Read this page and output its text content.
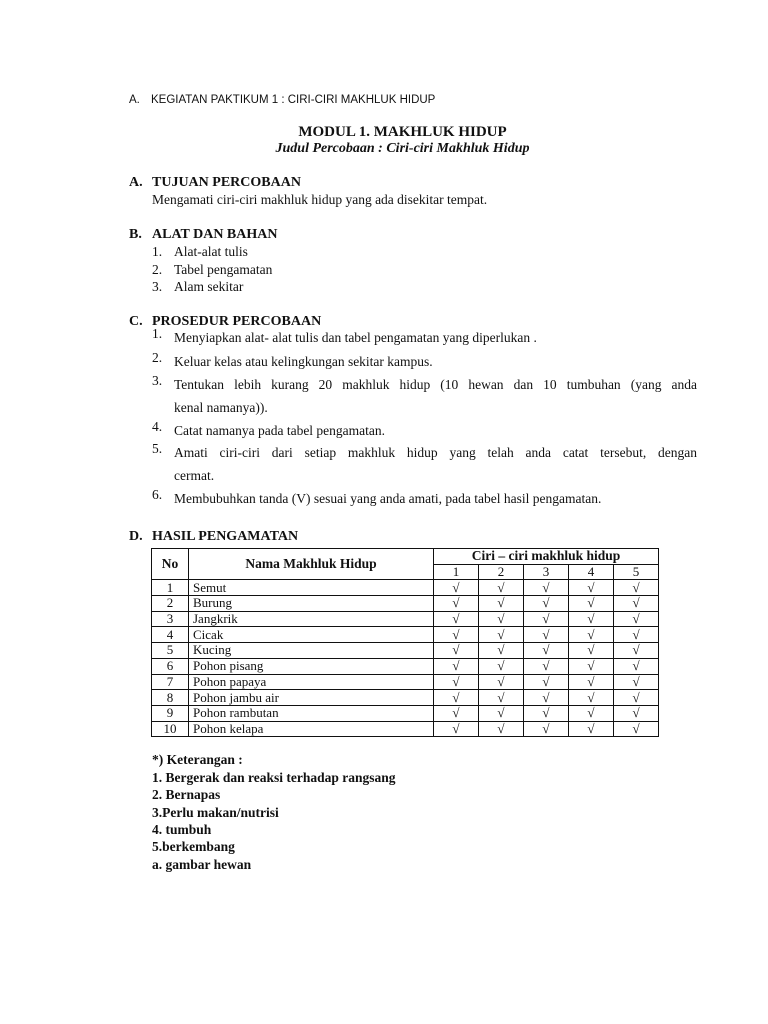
A. KEGIATAN PAKTIKUM 1 : CIRI-CIRI MAKHLUK HIDUP
MODUL 1. MAKHLUK HIDUP
Judul Percobaan : Ciri-ciri Makhluk Hidup
A. TUJUAN PERCOBAAN
Mengamati ciri-ciri makhluk hidup yang ada disekitar tempat.
B. ALAT DAN BAHAN
1. Alat-alat tulis
2. Tabel pengamatan
3. Alam sekitar
C. PROSEDUR PERCOBAAN
1. Menyiapkan alat- alat tulis dan tabel pengamatan yang diperlukan .
2. Keluar kelas atau kelingkungan sekitar kampus.
3. Tentukan lebih kurang 20 makhluk hidup (10 hewan dan 10 tumbuhan (yang anda
kenal namanya)).
4. Catat namanya pada tabel pengamatan.
5. Amati ciri-ciri dari setiap makhluk hidup yang telah anda catat tersebut, dengan
cermat.
6. Membubuhkan tanda (V) sesuai yang anda amati, pada tabel hasil pengamatan.
D. HASIL PENGAMATAN
No	Nama Makhluk Hidup	Ciri – ciri makhluk hidup				
		1	2	3	4	5
1	Semut	√	√	√	√	√
2	Burung	√	√	√	√	√
3	Jangkrik	√	√	√	√	√
4	Cicak	√	√	√	√	√
5	Kucing	√	√	√	√	√
6	Pohon pisang	√	√	√	√	√
7	Pohon papaya	√	√	√	√	√
8	Pohon jambu air	√	√	√	√	√
9	Pohon rambutan	√	√	√	√	√
10	Pohon kelapa	√	√	√	√	√
*) Keterangan :
1. Bergerak dan reaksi terhadap rangsang
2. Bernapas
3.Perlu makan/nutrisi
4. tumbuh
5.berkembang
a. gambar hewan
